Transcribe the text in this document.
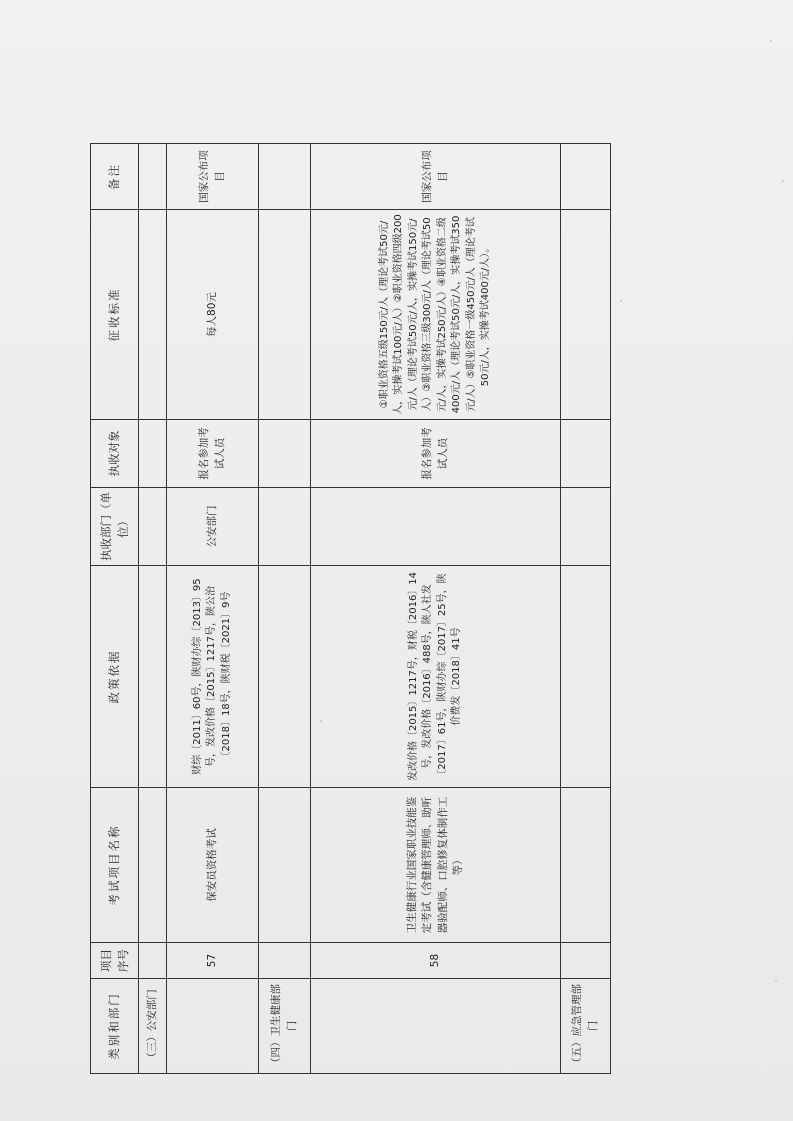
类别和部门	项目序号	考试项目名称	政策依据	执收部门（单位）	执收对象	征收标准	备注
（三）公安部门							
	57	保安员资格考试	财综〔2011〕60号，陕财办综〔2013〕95号，发改价格〔2015〕1217号，陕公治〔2018〕18号，陕财税〔2021〕9号	公安部门	报名参加考试人员	每人80元	国家公布项目
（四）卫生健康部门							
	58	卫生健康行业国家职业技能鉴定考试（含健康管理师、助听器验配师、口腔修复体制作工等）	发改价格〔2015〕1217号，财税〔2016〕14号，发改价格〔2016〕488号，陕人社发〔2017〕61号，陕财办综〔2017〕25号，陕价费发〔2018〕41号		报名参加考试人员	①职业资格五级150元/人（理论考试50元/人，实操考试100元/人）②职业资格四级200元/人（理论考试50元/人，实操考试150元/人）③职业资格三级300元/人（理论考试50元/人，实操考试250元/人）④职业资格二级400元/人（理论考试50元/人，实操考试350元/人）⑤职业资格一级450元/人（理论考试50元/人，实操考试400元/人）。	国家公布项目
（五）应急管理部门							
